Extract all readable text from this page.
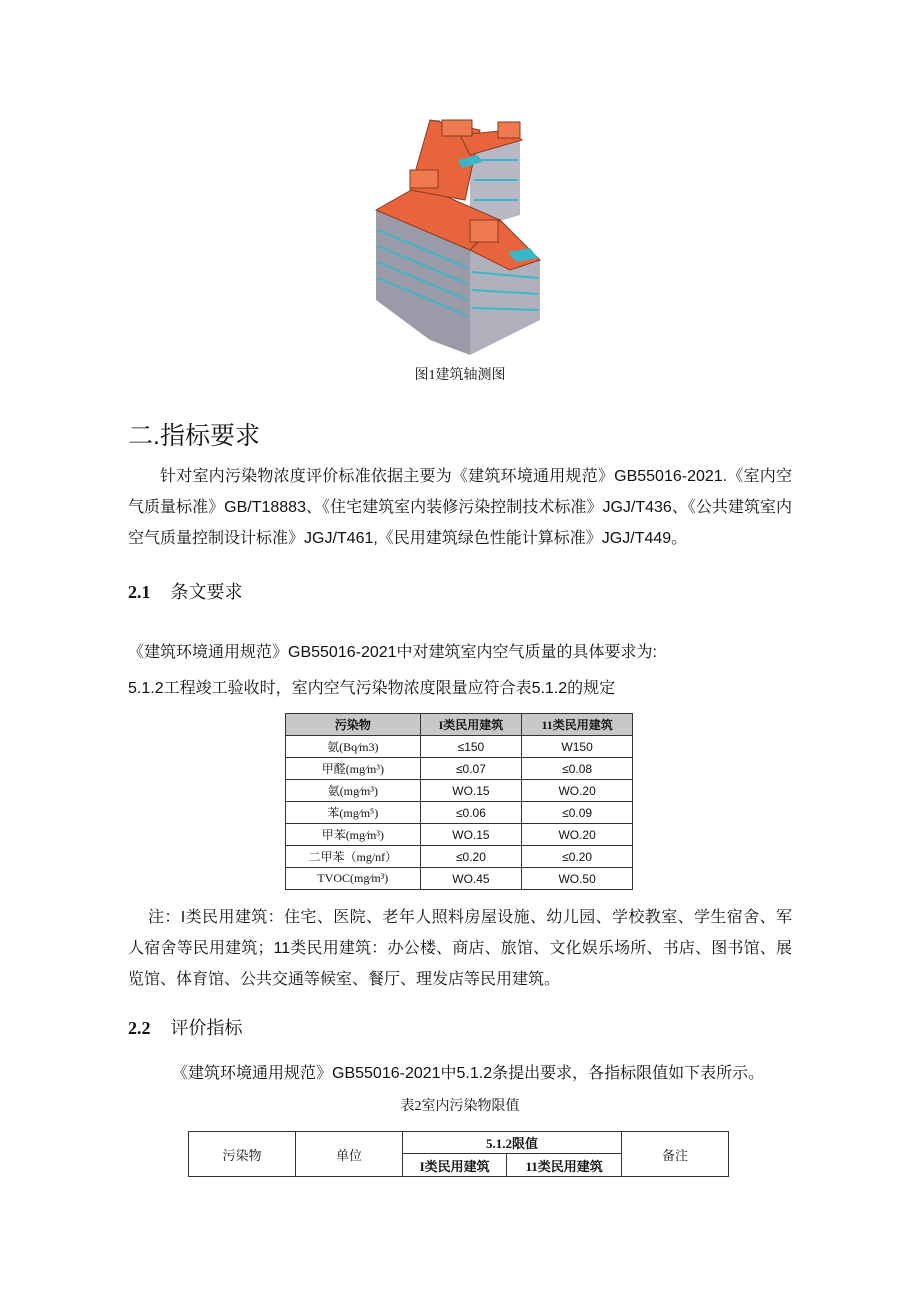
图1建筑轴测图
二.指标要求
针对室内污染物浓度评价标准依据主要为《建筑环境通用规范》GB55016-2021.《室内空气质量标准》GB/T18883、《住宅建筑室内装修污染控制技术标准》JGJ/T436、《公共建筑室内空气质量控制设计标准》JGJ/T461,《民用建筑绿色性能计算标准》JGJ/T449。
2.1 条文要求
《建筑环境通用规范》GB55016-2021中对建筑室内空气质量的具体要求为:
5.1.2工程竣工验收时，室内空气污染物浓度限量应符合表5.1.2的规定
污染物	I类民用建筑	11类民用建筑
氨(Bq∕m3)	≤150	W150
甲醛(mg∕m³)	≤0.07	≤0.08
氨(mg∕m³)	WO.15	WO.20
苯(mg∕m⁵)	≤0.06	≤0.09
甲苯(mg∕m³)	WO.15	WO.20
二甲苯（mg/nf）	≤0.20	≤0.20
TVOC(mg∕m³)	WO.45	WO.50
注：I类民用建筑：住宅、医院、老年人照料房屋设施、幼儿园、学校教室、学生宿舍、军人宿舍等民用建筑；11类民用建筑：办公楼、商店、旅馆、文化娱乐场所、书店、图书馆、展览馆、体育馆、公共交通等候室、餐厅、理发店等民用建筑。
2.2 评价指标
《建筑环境通用规范》GB55016-2021中5.1.2条提出要求，各指标限值如下表所示。
表2室内污染物限值
污染物	单位	5.1.2限值		备注
		I类民用建筑	11类民用建筑	
